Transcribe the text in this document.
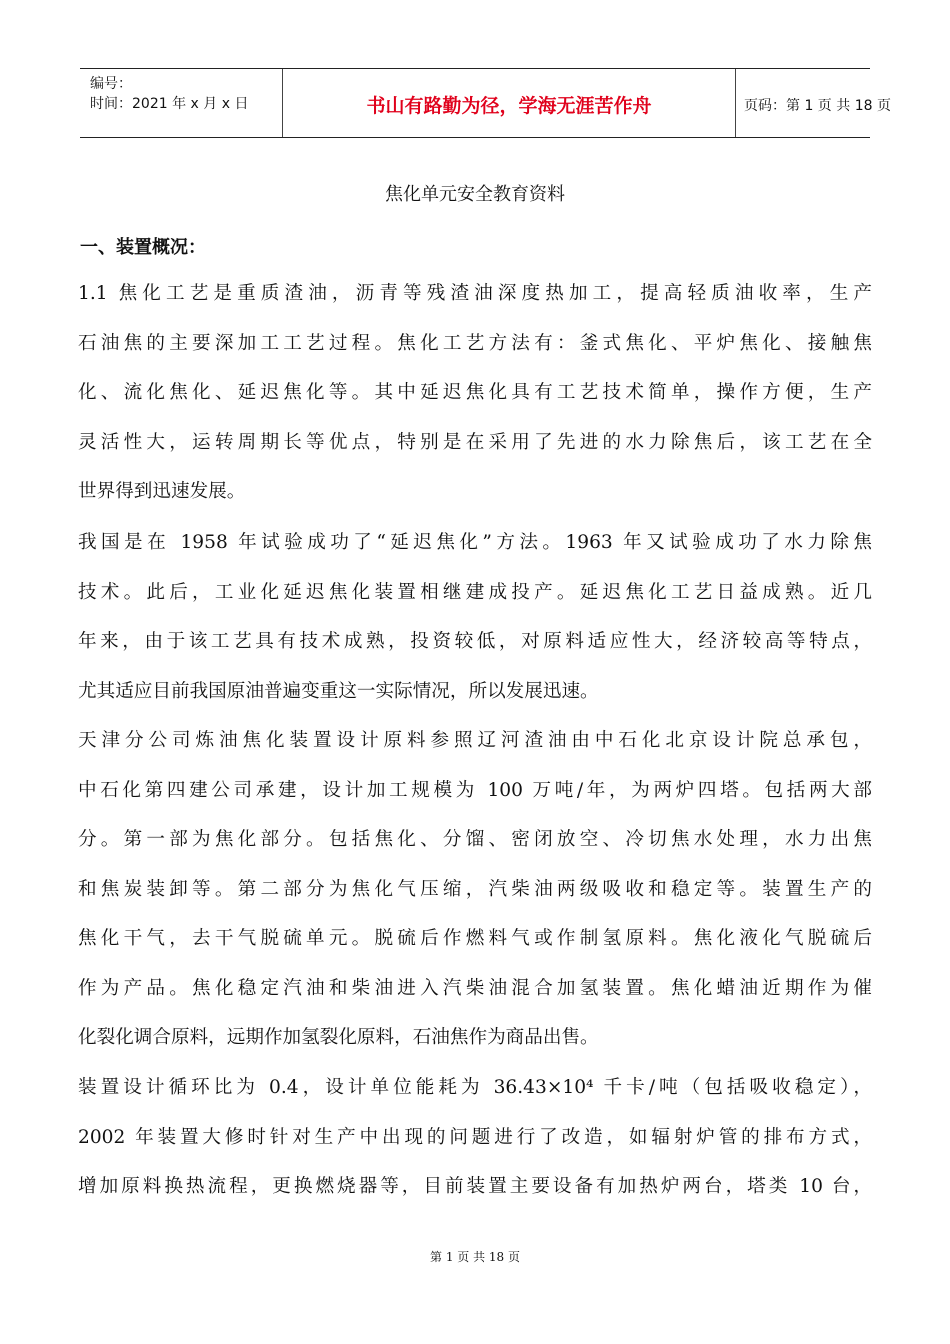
编号：
时间：2021 年 x 月 x 日	书山有路勤为径，学海无涯苦作舟	页码：第 1 页 共 18 页
焦化单元安全教育资料
一、装置概况：
1.1 焦化工艺是重质渣油，沥青等残渣油深度热加工，提高轻质油收率，生产
石油焦的主要深加工工艺过程。焦化工艺方法有：釜式焦化、平炉焦化、接触焦
化、流化焦化、延迟焦化等。其中延迟焦化具有工艺技术简单，操作方便，生产
灵活性大，运转周期长等优点，特别是在采用了先进的水力除焦后，该工艺在全
世界得到迅速发展。
我国是在 1958 年试验成功了“延迟焦化”方法。1963 年又试验成功了水力除焦
技术。此后，工业化延迟焦化装置相继建成投产。延迟焦化工艺日益成熟。近几
年来，由于该工艺具有技术成熟，投资较低，对原料适应性大，经济较高等特点，
尤其适应目前我国原油普遍变重这一实际情况，所以发展迅速。
天津分公司炼油焦化装置设计原料参照辽河渣油由中石化北京设计院总承包，
中石化第四建公司承建，设计加工规模为 100 万吨/年，为两炉四塔。包括两大部
分。第一部为焦化部分。包括焦化、分馏、密闭放空、冷切焦水处理，水力出焦
和焦炭装卸等。第二部分为焦化气压缩，汽柴油两级吸收和稳定等。装置生产的
焦化干气，去干气脱硫单元。脱硫后作燃料气或作制氢原料。焦化液化气脱硫后
作为产品。焦化稳定汽油和柴油进入汽柴油混合加氢装置。焦化蜡油近期作为催
化裂化调合原料，远期作加氢裂化原料，石油焦作为商品出售。
装置设计循环比为 0.4，设计单位能耗为 36.43×10⁴ 千卡/吨（包括吸收稳定），
2002 年装置大修时针对生产中出现的问题进行了改造，如辐射炉管的排布方式，
增加原料换热流程，更换燃烧器等，目前装置主要设备有加热炉两台，塔类 10 台，
第 1 页 共 18 页
